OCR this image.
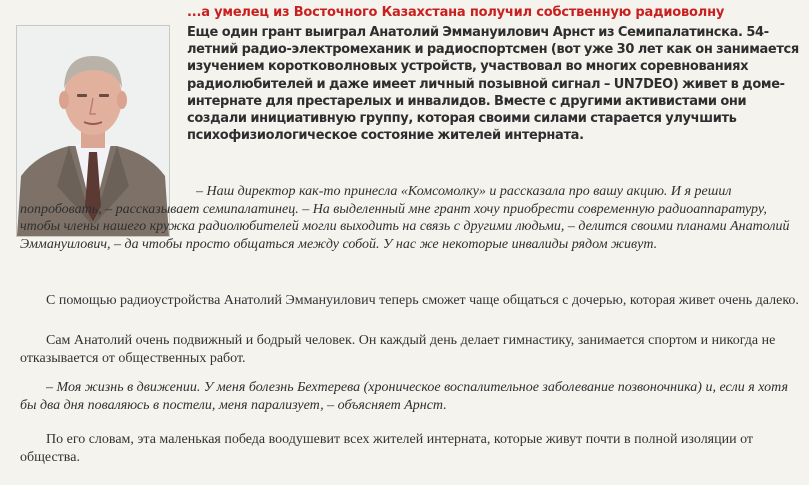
...а умелец из Восточного Казахстана получил собственную радиоволну
Еще один грант выиграл Анатолий Эммануилович Арнст из Семипалатинска. 54-летний радио-электромеханик и радиоспортсмен (вот уже 30 лет как он занимается изучением коротковолновых устройств, участвовал во многих соревнованиях радиолюбителей и даже имеет личный позывной сигнал – UN7DEO) живет в доме-интернате для престарелых и инвалидов. Вместе с другими активистами они создали инициативную группу, которая своими силами старается улучшить психофизиологическое состояние жителей интерната.
– Наш директор как-то принесла «Комсомолку» и рассказала про вашу акцию. И я решил попробовать, – рассказывает семипалатинец. – На выделенный мне грант хочу приобрести современную радиоаппаратуру, чтобы члены нашего кружка радиолюбителей могли выходить на связь с другими людьми, – делится своими планами Анатолий Эммануилович, – да чтобы просто общаться между собой. У нас же некоторые инвалиды рядом живут.
С помощью радиоустройства Анатолий Эммануилович теперь сможет чаще общаться с дочерью, которая живет очень далеко.
Сам Анатолий очень подвижный и бодрый человек. Он каждый день делает гимнастику, занимается спортом и никогда не отказывается от общественных работ.
– Моя жизнь в движении. У меня болезнь Бехтерева (хроническое воспалительное заболевание позвоночника) и, если я хотя бы два дня поваляюсь в постели, меня парализует, – объясняет Арнст.
По его словам, эта маленькая победа воодушевит всех жителей интерната, которые живут почти в полной изоляции от общества.
